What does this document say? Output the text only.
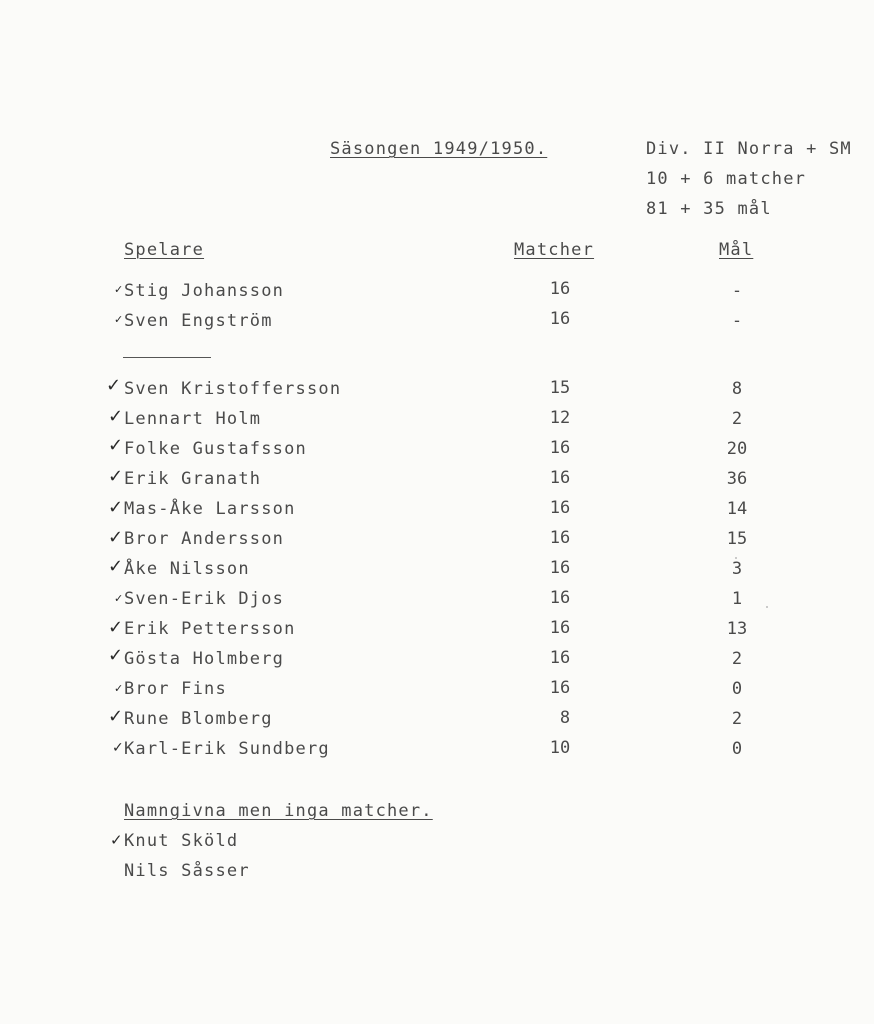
Säsongen 1949/1950.	Div. II Norra + SM
10 + 6 matcher
81 + 35 mål
Spelare	Matcher	Mål
✓ Stig Johansson	16	-
✓ Sven Engström	16	-
✓ Sven Kristoffersson	15	8
✓ Lennart Holm	12	2
✓ Folke Gustafsson	16	20
✓ Erik Granath	16	36
✓ Mas-Åke Larsson	16	14
✓ Bror Andersson	16	15
✓ Åke Nilsson	16	3
✓ Sven-Erik Djos	16	1
✓ Erik Pettersson	16	13
✓ Gösta Holmberg	16	2
✓ Bror Fins	16	0
✓ Rune Blomberg	8	2
✓ Karl-Erik Sundberg	10	0
Namngivna men inga matcher.
✓ Knut Sköld
Nils Såsser
